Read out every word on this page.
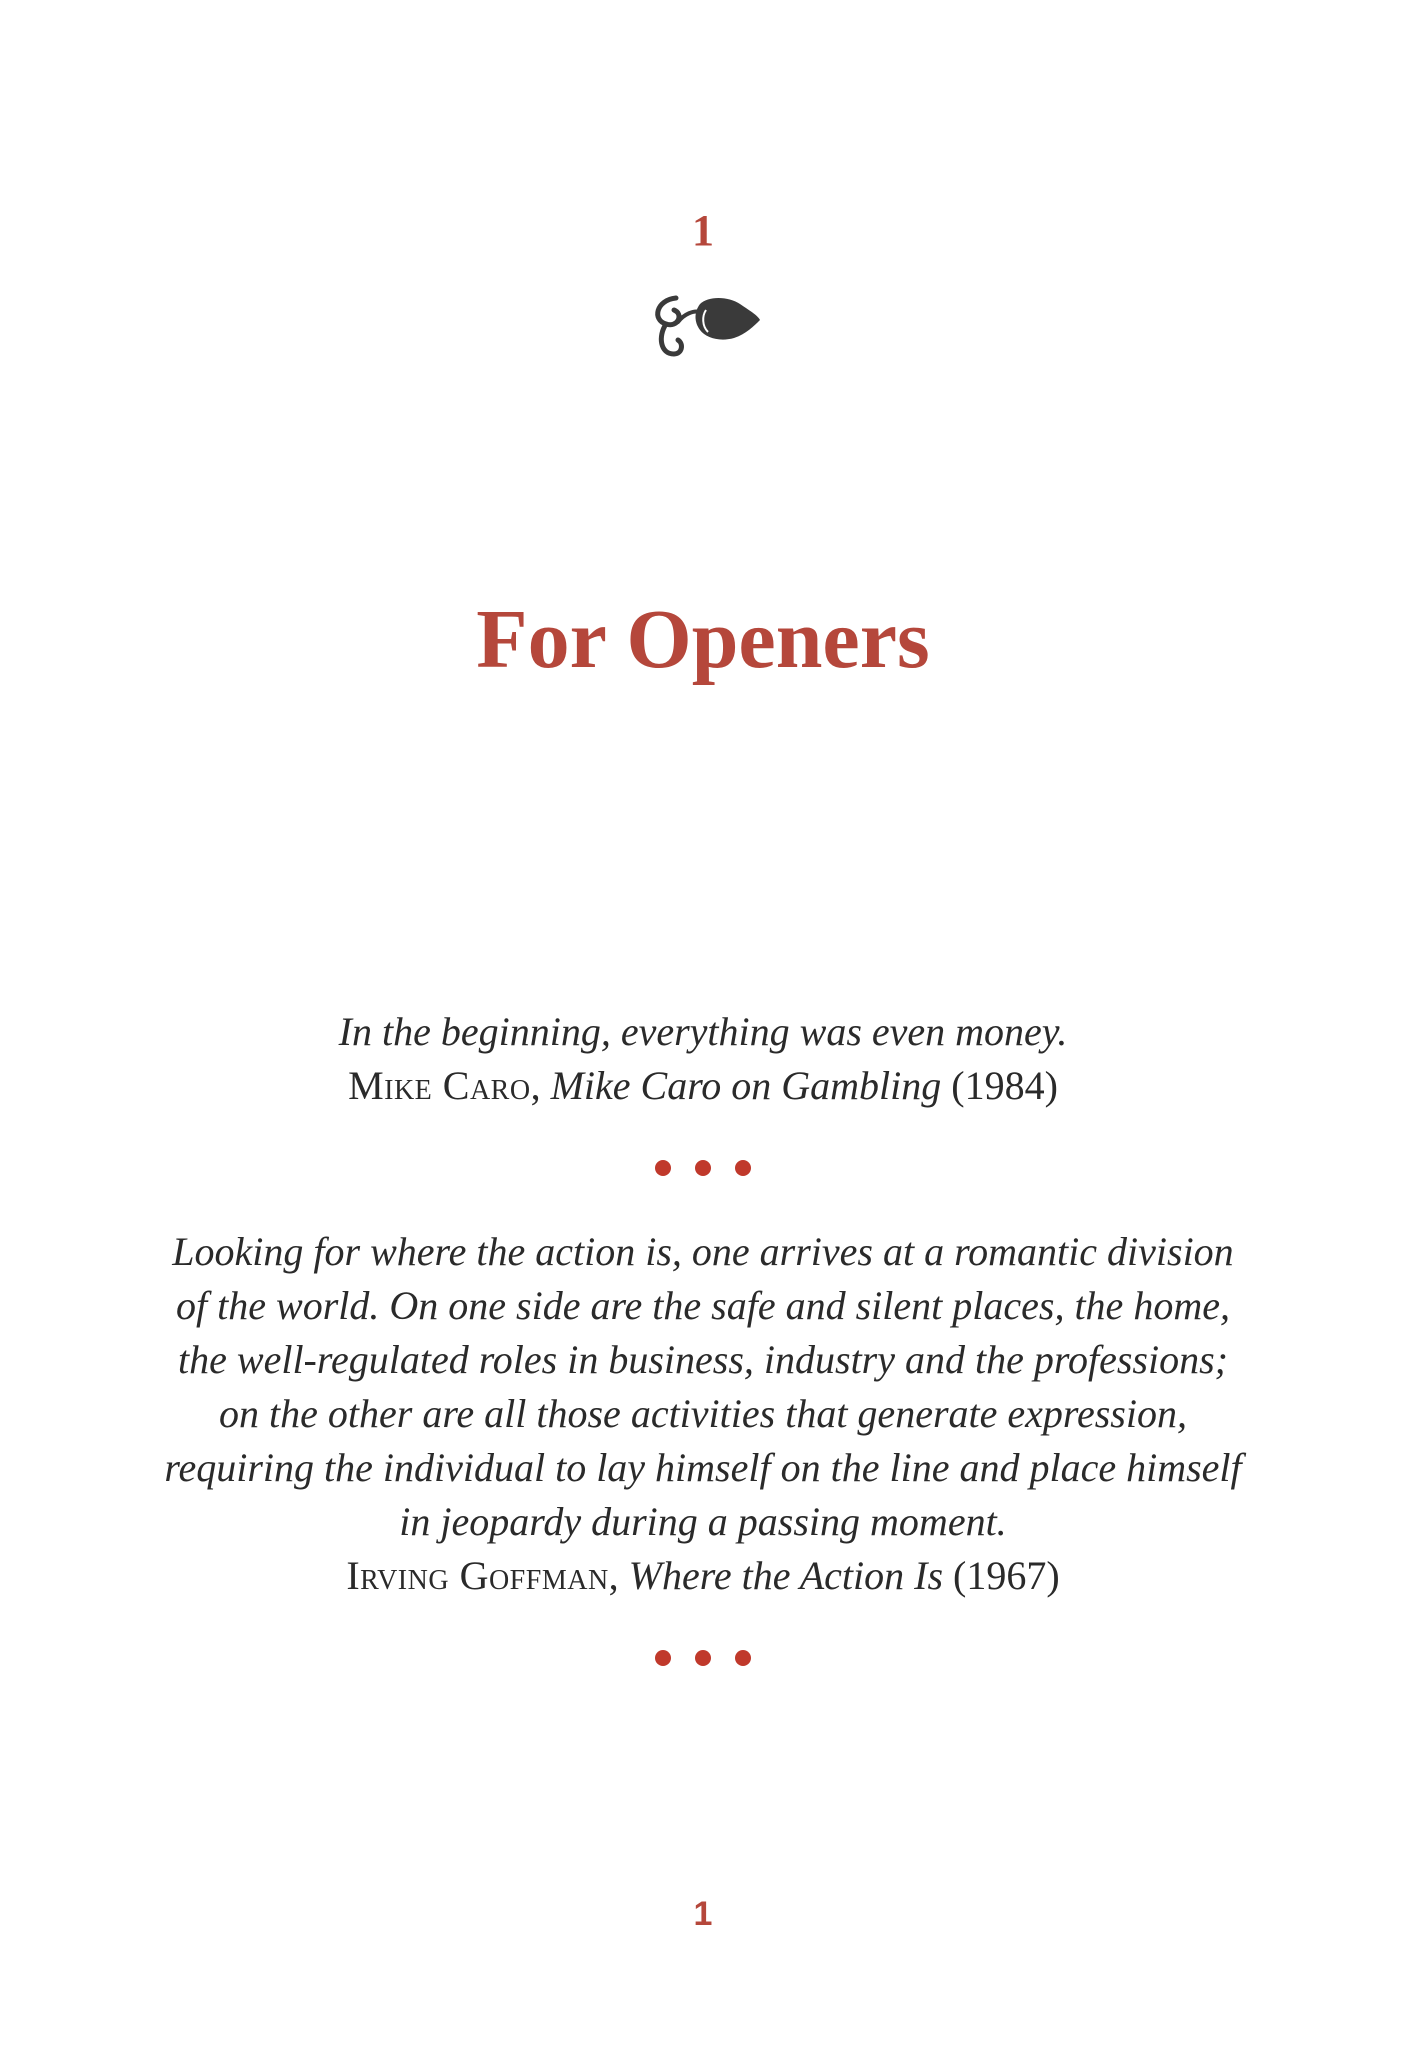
1
For Openers
In the beginning, everything was even money.
Mike Caro, Mike Caro on Gambling (1984)
Looking for where the action is, one arrives at a romantic division
of the world. On one side are the safe and silent places, the home,
the well-regulated roles in business, industry and the professions;
on the other are all those activities that generate expression,
requiring the individual to lay himself on the line and place himself
in jeopardy during a passing moment.
Irving Goffman, Where the Action Is (1967)
1
